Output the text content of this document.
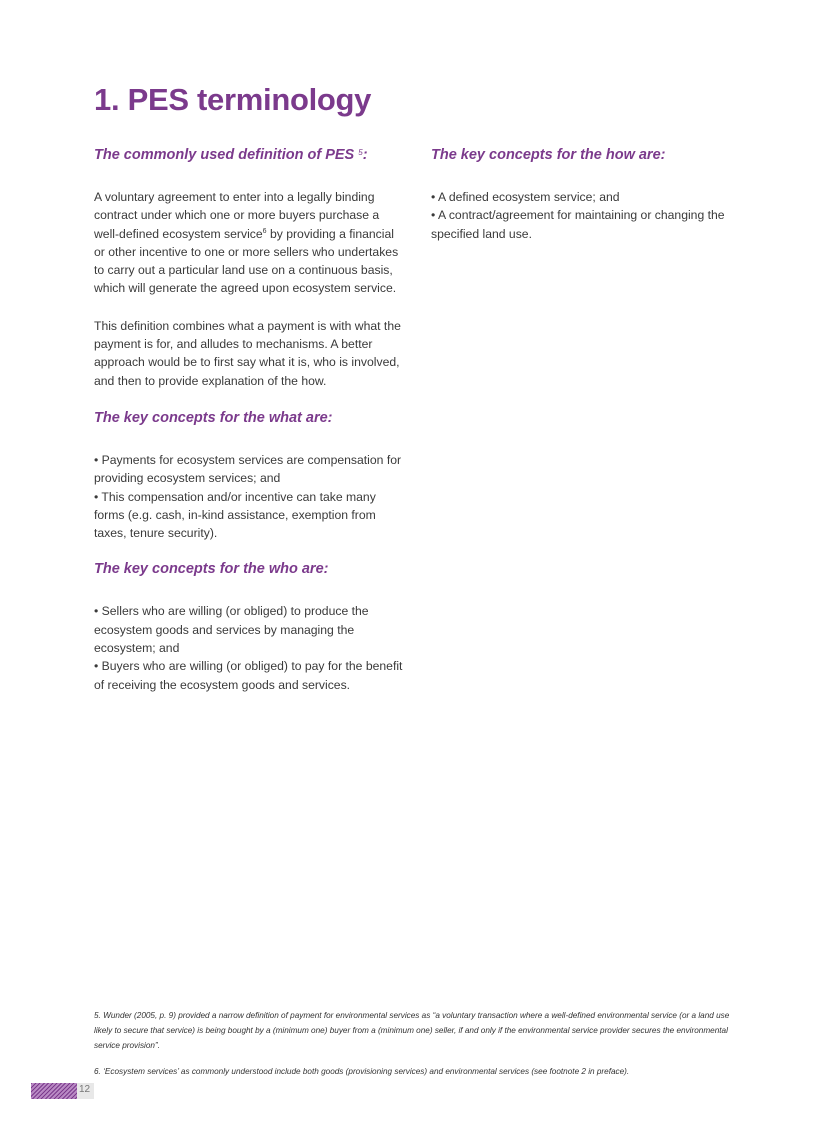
1. PES terminology

The commonly used definition of PES $^5$:

A voluntary agreement to enter into a legally binding contract under which one or more buyers purchase a well-defined ecosystem service$^6$ by providing a financial or other incentive to one or more sellers who undertakes to carry out a particular land use on a continuous basis, which will generate the agreed upon ecosystem service.

This definition combines what a payment is with what the payment is for, and alludes to mechanisms. A better approach would be to first say what it is, who is involved, and then to provide explanation of the how.

The key concepts for the what are:

• Payments for ecosystem services are compensation for providing ecosystem services; and

• This compensation and/or incentive can take many forms (e.g. cash, in-kind assistance, exemption from taxes, tenure security).

The key concepts for the who are:

• Sellers who are willing (or obliged) to produce the ecosystem goods and services by managing the ecosystem; and

• Buyers who are willing (or obliged) to pay for the benefit of receiving the ecosystem goods and services.

The key concepts for the how are:

• A defined ecosystem service; and

• A contract/agreement for maintaining or changing the specified land use.

5. Wunder (2005, p. 9) provided a narrow definition of payment for environmental services as “a voluntary transaction where a well-defined environmental service (or a land use likely to secure that service) is being bought by a (minimum one) buyer from a (minimum one) seller, if and only if the environmental service provider secures the environmental service provision”.

6. ‘Ecosystem services’ as commonly understood include both goods (provisioning services) and environmental services (see footnote 2 in preface).

12
